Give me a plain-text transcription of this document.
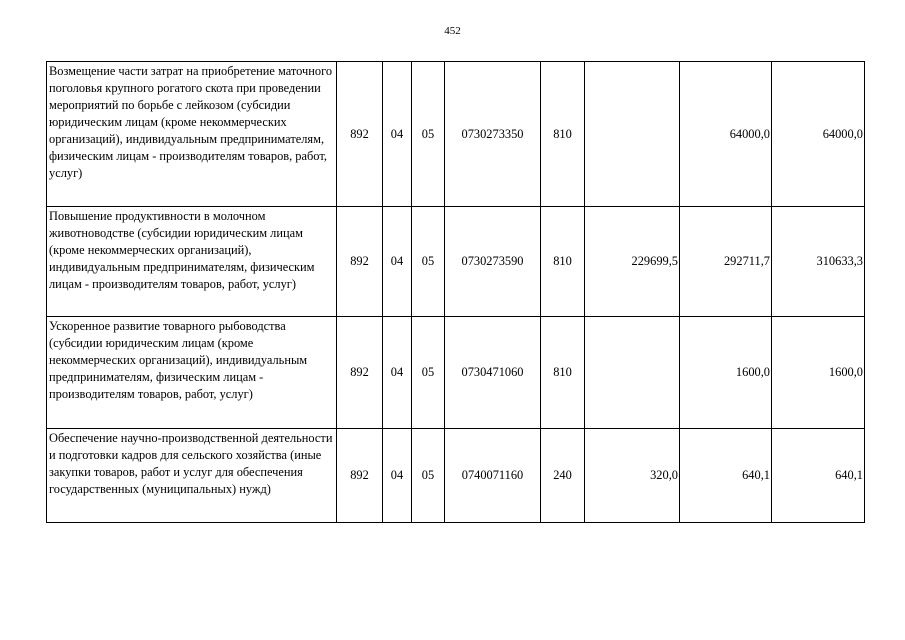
452
Возмещение части затрат на приобретение маточного поголовья крупного рогатого скота при проведении мероприятий по борьбе с лейкозом (субсидии юридическим лицам (кроме некоммерческих организаций), индивидуальным предпринимателям, физическим лицам - производителям товаров, работ, услуг)	892	04	05	0730273350	810		64000,0	64000,0
Повышение продуктивности в молочном животноводстве (субсидии юридическим лицам (кроме некоммерческих организаций), индивидуальным предпринимателям, физическим лицам - производителям товаров, работ, услуг)	892	04	05	0730273590	810	229699,5	292711,7	310633,3
Ускоренное развитие товарного рыбоводства (субсидии юридическим лицам (кроме некоммерческих организаций), индивидуальным предпринимателям, физическим лицам - производителям товаров, работ, услуг)	892	04	05	0730471060	810		1600,0	1600,0
Обеспечение научно-производственной деятельности и подготовки кадров для сельского хозяйства (иные закупки товаров, работ и услуг для обеспечения государственных (муниципальных) нужд)	892	04	05	0740071160	240	320,0	640,1	640,1
